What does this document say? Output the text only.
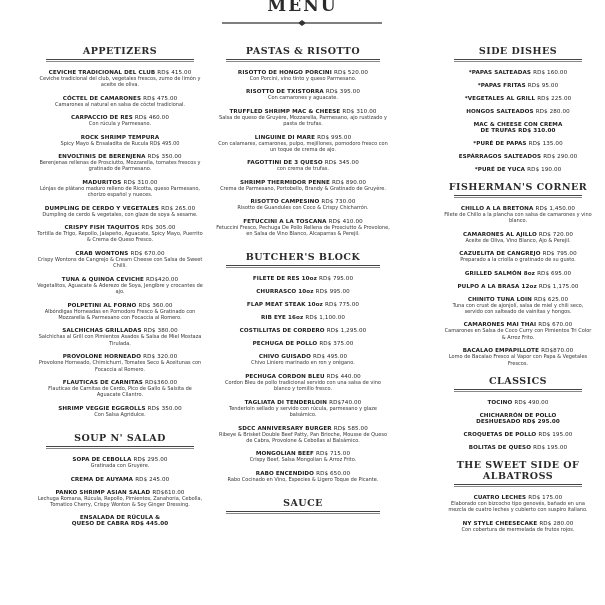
MENU
APPETIZERS
CEVICHE TRADICIONAL DEL CLUB RD$ 415.00
Ceviche tradicional del club, vegetales frescos, zumo de limón y aceite de oliva.
CÓCTEL DE CAMARONES RD$ 475.00
Camarones al natural en salsa de cóctel tradicional.
CARPACCIO DE RES RD$ 460.00
Con rúcula y Parmesano.
ROCK SHRIMP TEMPURA
Spicy Mayo & Ensaladita de Rucula RD$ 495.00
ENVOLTINIS DE BERENJENA RD$ 350.00
Berenjenas rellenas de Prosciutto, Mozzarella, tomates frescos y gratinado de Parmesano.
MADURITOS RD$ 310.00
Lónjas de plátano maduro relleno de Ricotta, queso Parmesano, chorizo español y nueces.
DUMPLING DE CERDO Y VEGETALES RD$ 265.00
Dumpling de cerdo & vegetales, con glaze de soya & sesame.
CRISPY FISH TAQUITOS RD$ 305.00
Tortilla de Trigo, Repollo, Jalapeño, Aguacate, Spicy Mayo, Puerrito & Crema de Queso Fresco.
CRAB WONTONS RD$ 670.00
Crispy Wontons de Cangrejo & Cream Cheese con Salsa de Sweet Chilli.
TUNA & QUINOA CEVICHE RD$420.00
Vegetalitos, Aguacate & Aderezo de Soya, Jengibre y crocantes de ajo.
POLPETINI AL FORNO RD$ 360.00
Albóndigas Horneadas en Pomodoro Fresco & Gratinado con Mozzarella & Parmesano con Focaccia al Romero.
SALCHICHAS GRILLADAS RD$ 380.00
Salchichas al Grill con Pimientos Asados & Salsa de Miel Mostaza Tirulada.
PROVOLONE HORNEADO RD$ 320.00
Provolone Horneado, Chimichurri, Tomates Seco & Aceitunas con Focaccia al Romero.
FLAUTICAS DE CARNITAS RD$360.00
Flauticas de Carnitas de Cerdo, Pico de Gallo & Salsita de Aguacate Cilantro.
SHRIMP VEGGIE EGGROLLS RD$ 350.00
Con Salsa Agridulce.
SOUP N' SALAD
SOPA DE CEBOLLA RD$ 295.00
Gratinada con Gruyère.
CREMA DE AUYAMA RD$ 245.00
PANKO SHRIMP ASIAN SALAD RD$610.00
Lechuga Romana, Rúcula, Repollo, Pimientos, Zanahoria, Cebolla, Tomatico Cherry, Crispy Wonton & Soy Ginger Dressing.
ENSALADA DE RÚCULA &
QUESO DE CABRA RD$ 445.00
PASTAS & RISOTTO
RISOTTO DE HONGO PORCINI RD$ 520.00
Con Porcini, vino tinto y queso Parmesano.
RISOTTO DE TXISTORRA RD$ 395.00
Con camarones y aguacate.
TRUFFLED SHRIMP MAC & CHEESE RD$ 310.00
Salsa de queso de Gruyère, Mozzarella, Parmesano, ajo rustizado y pasta de trufas.
LINGUINE DI MARE RD$ 995.00
Con calamares, camarones, pulpo, mejillones, pomodoro fresco con un toque de crema de ajo.
FAGOTTINI DE 3 QUESO RD$ 345.00
con crema de trufas.
SHRIMP THERMIDOR PENNE RD$ 890.00
Crema de Parmesano, Portobello, Brandy & Gratinado de Gruyère.
RISOTTO CAMPESINO RD$ 730.00
Risotto de Guandules con Coco & Crispy Chicharrón.
FETUCCINI A LA TOSCANA RD$ 410.00
Fetuccini Fresco, Pechuga De Pollo Rellena de Prosciutto & Provolone, en Salsa de Vino Blanco, Alcaparras & Perejil.
BUTCHER'S BLOCK
FILETE DE RES 10oz RD$ 795.00
CHURRASCO 10oz RD$ 995.00
FLAP MEAT STEAK 10oz RD$ 775.00
RIB EYE 16oz RD$ 1,100.00
COSTILLITAS DE CORDERO RD$ 1,295.00
PECHUGA DE POLLO RD$ 375.00
CHIVO GUISADO RD$ 495.00
Chivo Liniero marinado en ron y orégano.
PECHUGA CORDON BLEU RD$ 440.00
Cordon Bleu de pollo tradicional servido con una salsa de vino blanco y tomillo fresco.
TAGLIATA DI TENDERLOIN RD$740.00
Tenderloin sellado y servido con rúcula, parmesano y glaze balsámico.
SDCC ANNIVERSARY BURGER RD$ 585.00
Ribeye & Brisket Double Beef Patty, Pan Brioche, Mousse de Queso de Cabra, Provolone & Cebollas al Balsámico.
MONGOLIAN BEEF RD$ 715.00
Crispy Beef, Salsa Mongolian & Arroz Frito.
RABO ENCENDIDO RD$ 650.00
Rabo Cocinado en Vino, Especies & Ligero Toque de Picante.
SAUCE
SIDE DISHES
*PAPAS SALTEADAS RD$ 160.00
*PAPAS FRITAS RD$ 95.00
*VEGETALES AL GRILL RD$ 225.00
HONGOS SALTEADOS RD$ 280.00
MAC & CHEESE CON CREMA
DE TRUFAS RD$ 310.00
*PURÉ DE PAPAS RD$ 135.00
ESPÁRRAGOS SALTEADOS RD$ 290.00
*PURÉ DE YUCA RD$ 190.00
FISHERMAN'S CORNER
CHILLO A LA BRETONA RD$ 1,450.00
Filete de Chillo a la plancha con salsa de camarones y vino blanco.
CAMARONES AL AJILLO RD$ 720.00
Aceite de Oliva, Vino Blanco, Ajo & Perejil.
CAZUELITA DE CANGREJO RD$ 795.00
Preparado a la criolla o gratinado de su gusto.
GRILLED SALMÓN 8oz RD$ 695.00
PULPO A LA BRASA 12oz RD$ 1,175.00
CHINITO TUNA LOIN RD$ 625.00
Tuna con crust de ajonjolí, salsa de miel y chili seco, servido con salteado de vainitas y hongos.
CAMARONES MAI THAI RD$ 670.00
Camarones en Salsa de Coco Curry con Pimientos Tri Color & Arroz Frito.
BACALAO EMPAPILLOTE RD$870.00
Lomo de Bacalao Fresco al Vapor con Papa & Vegetales Frescos.
CLASSICS
TOCINO RD$ 490.00
CHICHARRÓN DE POLLO
DESHUESADO RD$ 295.00
CROQUETAS DE POLLO RD$ 195.00
BOLITAS DE QUESO RD$ 195.00
THE SWEET SIDE OF ALBATROSS
CUATRO LECHES RD$ 175.00
Elaborado con bizcocho tipo genovés, bañado en una mezcla de cuatro leches y cubierto con suspiro italiano.
NY STYLE CHEESECAKE RD$ 280.00
Con cobertura de mermelada de frutos rojos.
